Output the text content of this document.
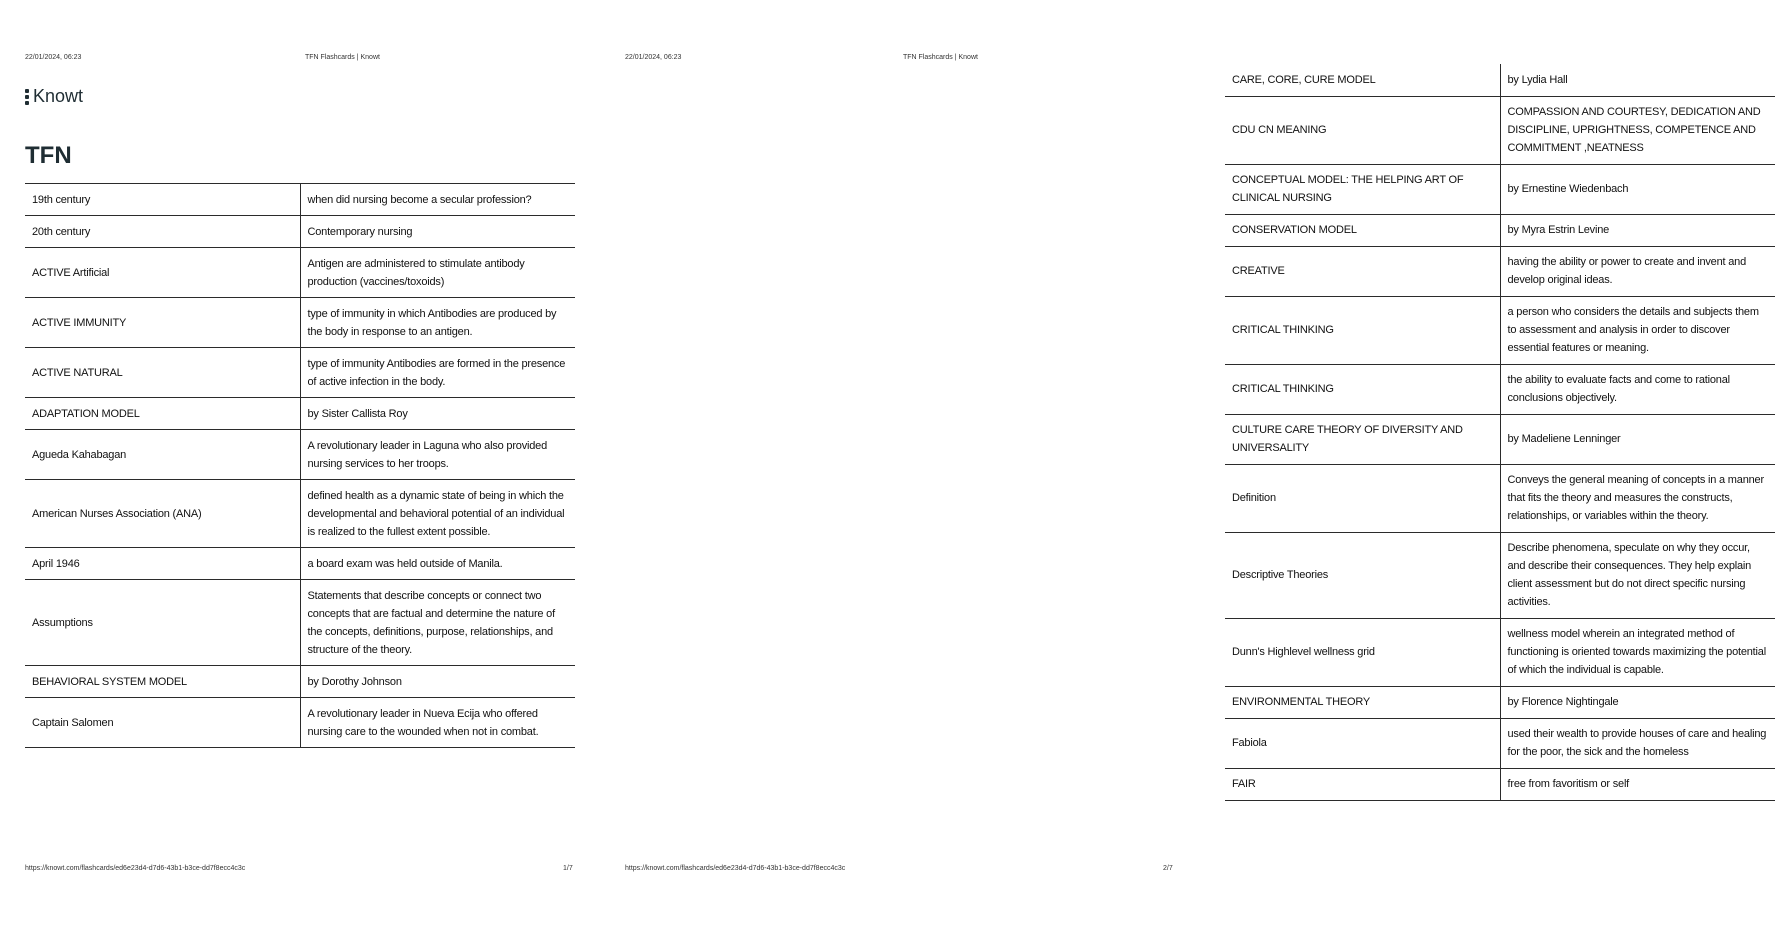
22/01/2024, 06:23	TFN Flashcards | Knowt
Knowt
TFN
19th century	when did nursing become a secular profession?
20th century	Contemporary nursing
ACTIVE Artificial	Antigen are administered to stimulate antibody production (vaccines/toxoids)
ACTIVE IMMUNITY	type of immunity in which Antibodies are produced by the body in response to an antigen.
ACTIVE NATURAL	type of immunity Antibodies are formed in the presence of active infection in the body.
ADAPTATION MODEL	by Sister Callista Roy
Agueda Kahabagan	A revolutionary leader in Laguna who also provided nursing services to her troops.
American Nurses Association (ANA)	defined health as a dynamic state of being in which the developmental and behavioral potential of an individual is realized to the fullest extent possible.
April 1946	a board exam was held outside of Manila.
Assumptions	Statements that describe concepts or connect two concepts that are factual and determine the nature of the concepts, definitions, purpose, relationships, and structure of the theory.
BEHAVIORAL SYSTEM MODEL	by Dorothy Johnson
Captain Salomen	A revolutionary leader in Nueva Ecija who offered nursing care to the wounded when not in combat.
https://knowt.com/flashcards/ed6e23d4-d7d6-43b1-b3ce-dd7f8ecc4c3c	1/7
22/01/2024, 06:23	TFN Flashcards | Knowt
CARE, CORE, CURE MODEL	by Lydia Hall
CDU CN MEANING	COMPASSION AND COURTESY, DEDICATION AND DISCIPLINE, UPRIGHTNESS, COMPETENCE AND COMMITMENT ,NEATNESS
CONCEPTUAL MODEL: THE HELPING ART OF CLINICAL NURSING	by Ernestine Wiedenbach
CONSERVATION MODEL	by Myra Estrin Levine
CREATIVE	having the ability or power to create and invent and develop original ideas.
CRITICAL THINKING	a person who considers the details and subjects them to assessment and analysis in order to discover essential features or meaning.
CRITICAL THINKING	the ability to evaluate facts and come to rational conclusions objectively.
CULTURE CARE THEORY OF DIVERSITY AND UNIVERSALITY	by Madeliene Lenninger
Definition	Conveys the general meaning of concepts in a manner that fits the theory and measures the constructs, relationships, or variables within the theory.
Descriptive Theories	Describe phenomena, speculate on why they occur, and describe their consequences. They help explain client assessment but do not direct specific nursing activities.
Dunn's Highlevel wellness grid	wellness model wherein an integrated method of functioning is oriented towards maximizing the potential of which the individual is capable.
ENVIRONMENTAL THEORY	by Florence Nightingale
Fabiola	used their wealth to provide houses of care and healing for the poor, the sick and the homeless
FAIR	free from favoritism or self
https://knowt.com/flashcards/ed6e23d4-d7d6-43b1-b3ce-dd7f8ecc4c3c	2/7
